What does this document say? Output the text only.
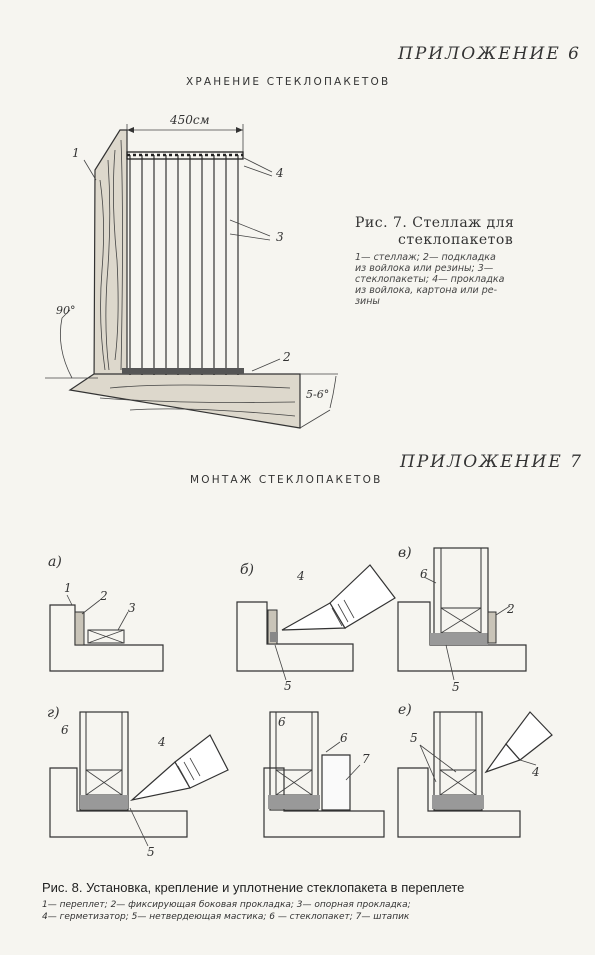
ПРИЛОЖЕНИЕ 6
ХРАНЕНИЕ СТЕКЛОПАКЕТОВ
450см
1
2
3
4
90°
5-6°
а)
1
2
3
б)	4
5
в)
6
2
5
г)
6
4
5
6
7
6
е)
5
4
Рис. 7. Стеллаж для
стеклопакетов
1— стеллаж; 2— подкладка
из войлока или резины; 3—
стеклопакеты; 4— прокладка
из войлока, картона или ре-
зины
ПРИЛОЖЕНИЕ 7
МОНТАЖ СТЕКЛОПАКЕТОВ
Рис. 8. Установка, крепление и уплотнение стеклопакета в переплете
1— переплет; 2— фиксирующая боковая прокладка; 3— опорная прокладка;
4— герметизатор; 5— нетвердеющая мастика; 6 — стеклопакет; 7— штапик
